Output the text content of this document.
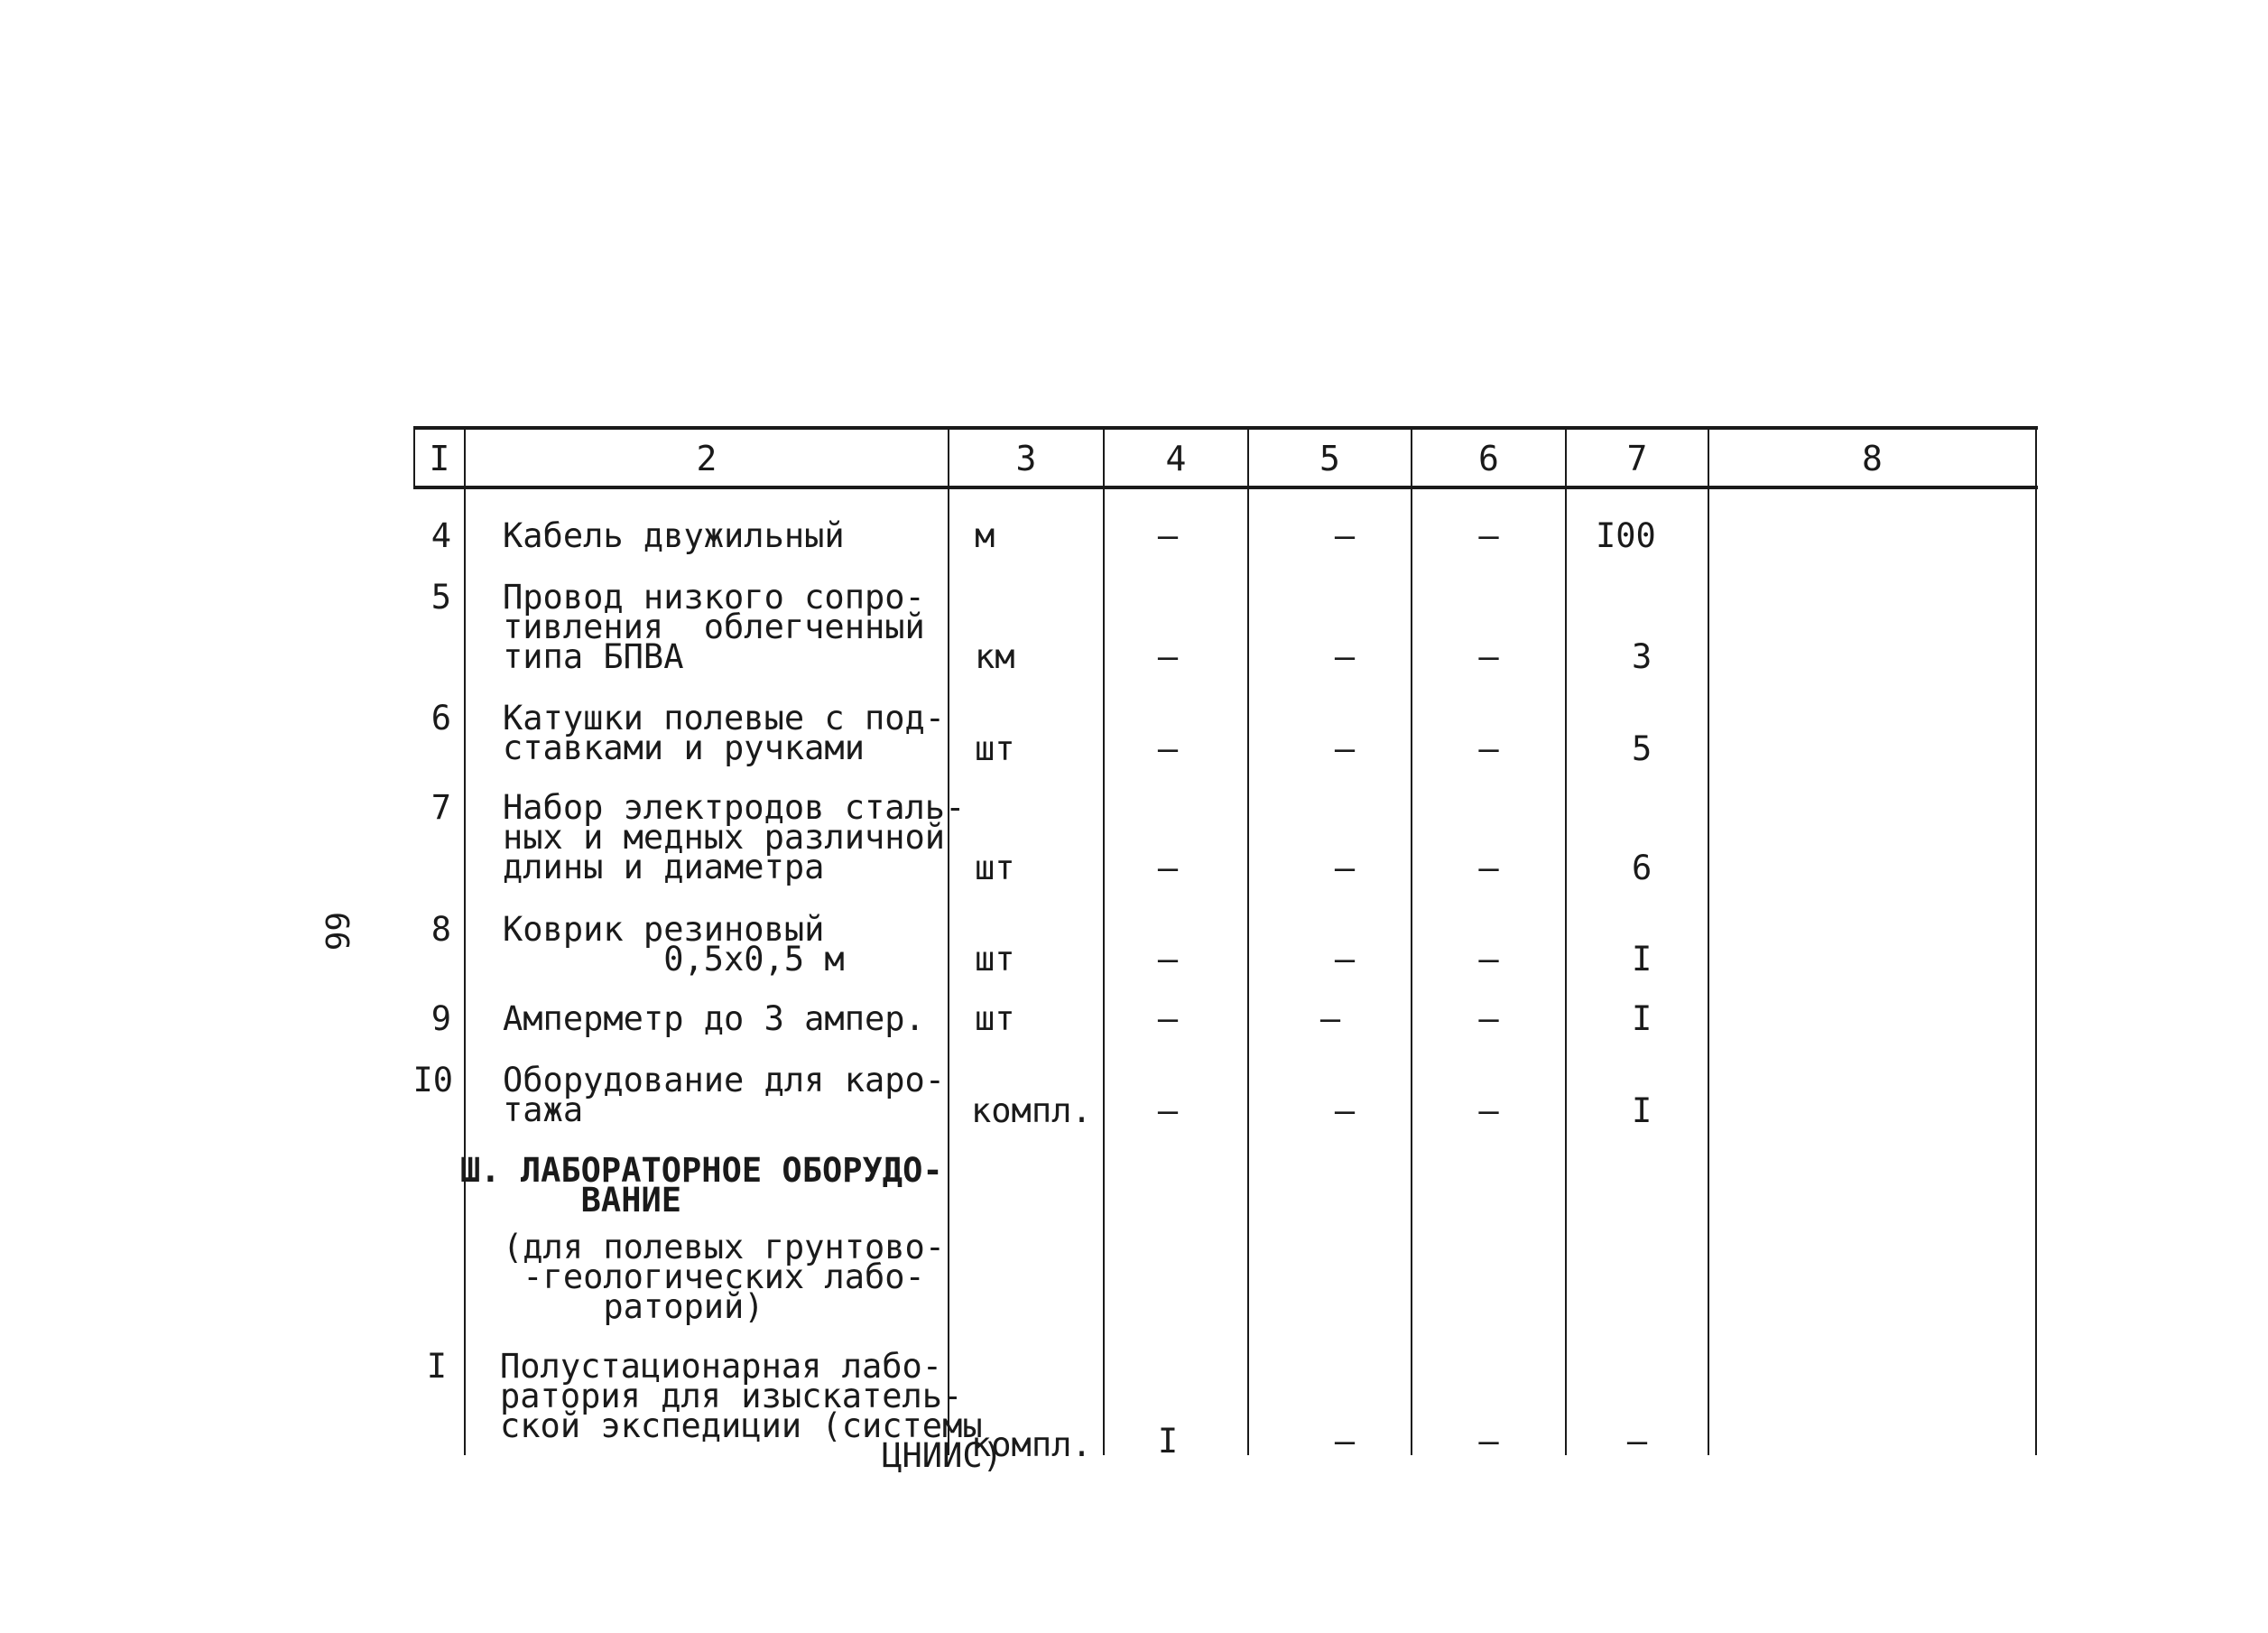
66
I	2	3	4	5	6	7	8
4 Кабель двужильный	м	–	–	–	I00
5 Провод низкого сопро-
тивления  облегченный
типа БПВА	км	–	–	–	3
6 Катушки полевые с под-
ставками и ручками	шт	–	–	–	5
7 Набор электродов сталь-
ных и медных различной
длины и диаметра	шт	–	–	–	6
8 Коврик резиновый
0,5х0,5 м	шт	–	–	–	I
9 Амперметр до 3 ампер. шт	–	–	–	I
I0 Оборудование для каро-
тажа	компл.	–	–	–	I
Ш. ЛАБОРАТОРНОЕ ОБОРУДО-
ВАНИЕ
(для полевых грунтово-
-геологических лабо-
раторий)
I Полустационарная лабо-
ратория для изыскатель-
ской экспедиции (системы
ЦНИИС)
компл.	I	–	–	–
